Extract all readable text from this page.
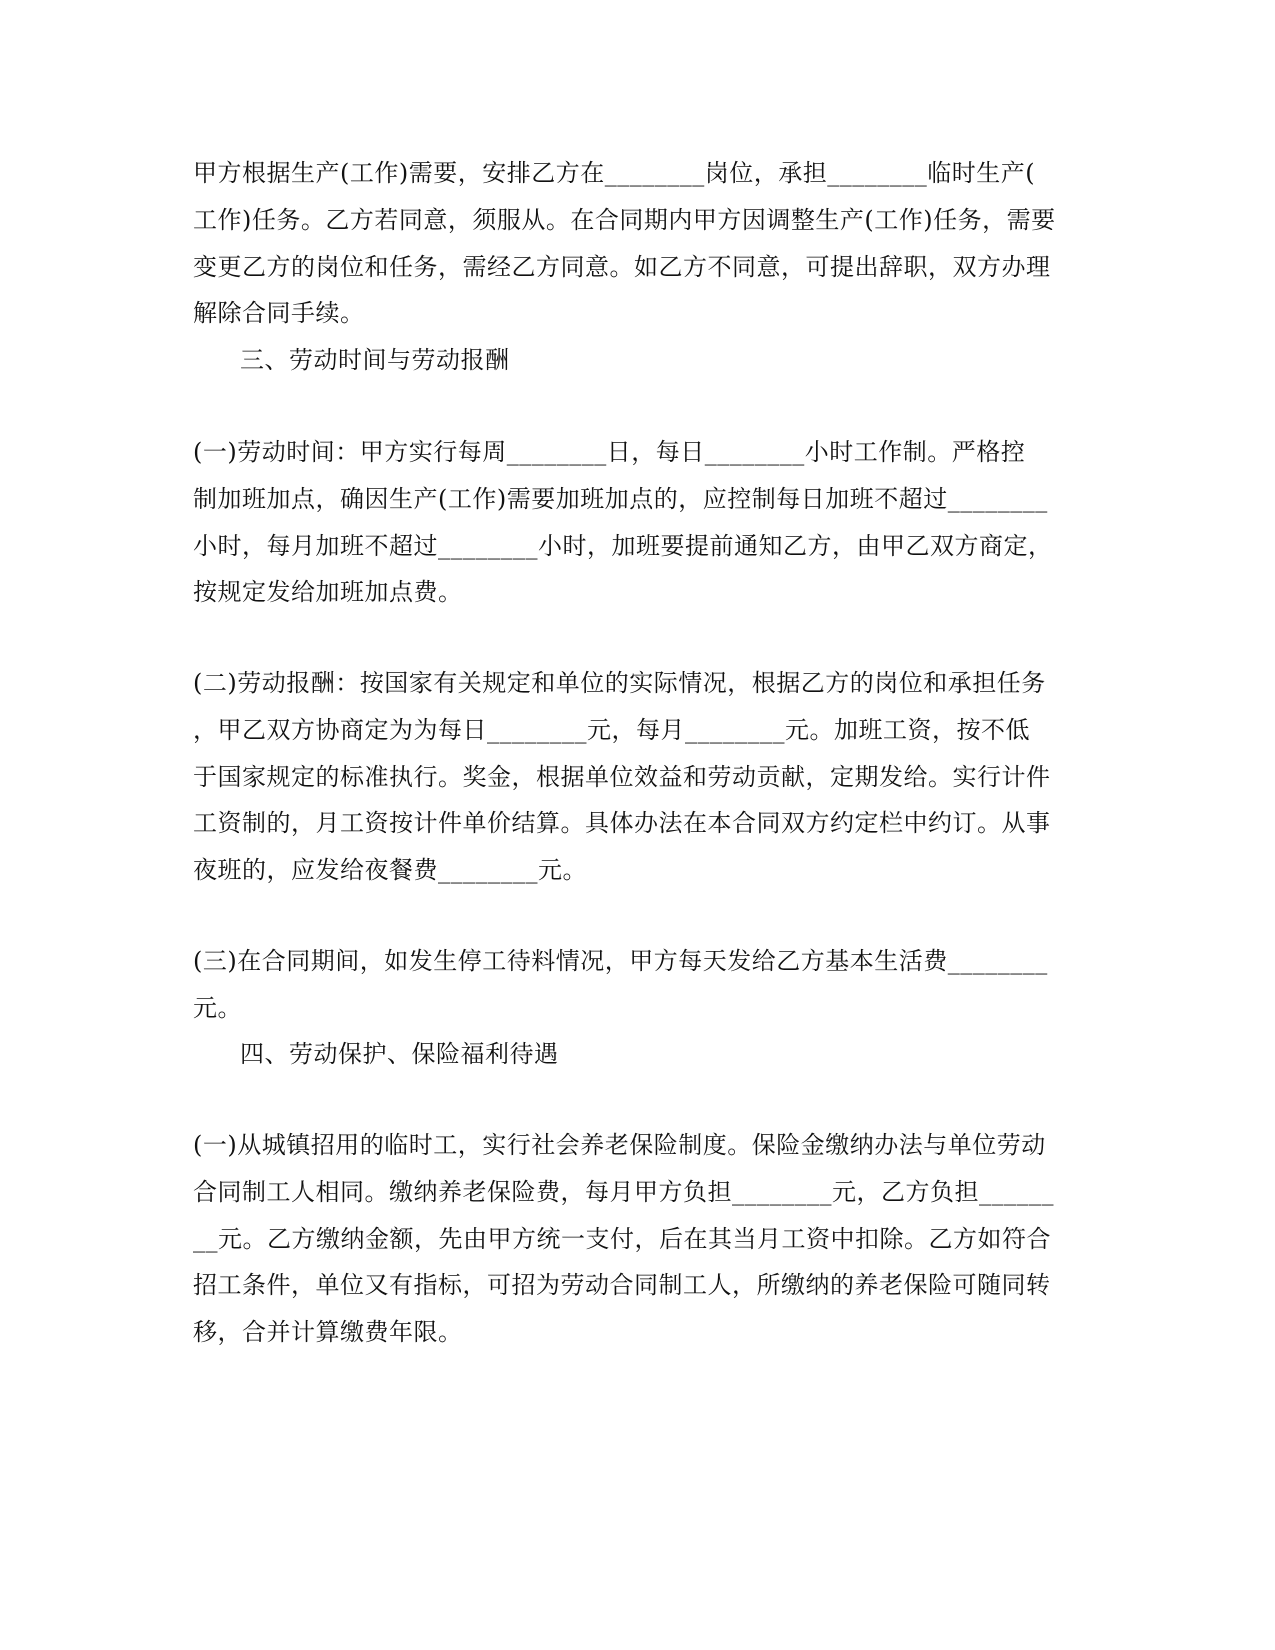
甲方根据生产(工作)需要，安排乙方在________岗位，承担________临时生产(
工作)任务。乙方若同意，须服从。在合同期内甲方因调整生产(工作)任务，需要
变更乙方的岗位和任务，需经乙方同意。如乙方不同意，可提出辞职，双方办理
解除合同手续。
三、劳动时间与劳动报酬
(一)劳动时间：甲方实行每周________日，每日________小时工作制。严格控
制加班加点，确因生产(工作)需要加班加点的，应控制每日加班不超过________
小时，每月加班不超过________小时，加班要提前通知乙方，由甲乙双方商定，
按规定发给加班加点费。
(二)劳动报酬：按国家有关规定和单位的实际情况，根据乙方的岗位和承担任务
，甲乙双方协商定为为每日________元，每月________元。加班工资，按不低
于国家规定的标准执行。奖金，根据单位效益和劳动贡献，定期发给。实行计件
工资制的，月工资按计件单价结算。具体办法在本合同双方约定栏中约订。从事
夜班的，应发给夜餐费________元。
(三)在合同期间，如发生停工待料情况，甲方每天发给乙方基本生活费________
元。
四、劳动保护、保险福利待遇
(一)从城镇招用的临时工，实行社会养老保险制度。保险金缴纳办法与单位劳动
合同制工人相同。缴纳养老保险费，每月甲方负担________元，乙方负担______
__元。乙方缴纳金额，先由甲方统一支付，后在其当月工资中扣除。乙方如符合
招工条件，单位又有指标，可招为劳动合同制工人，所缴纳的养老保险可随同转
移，合并计算缴费年限。
